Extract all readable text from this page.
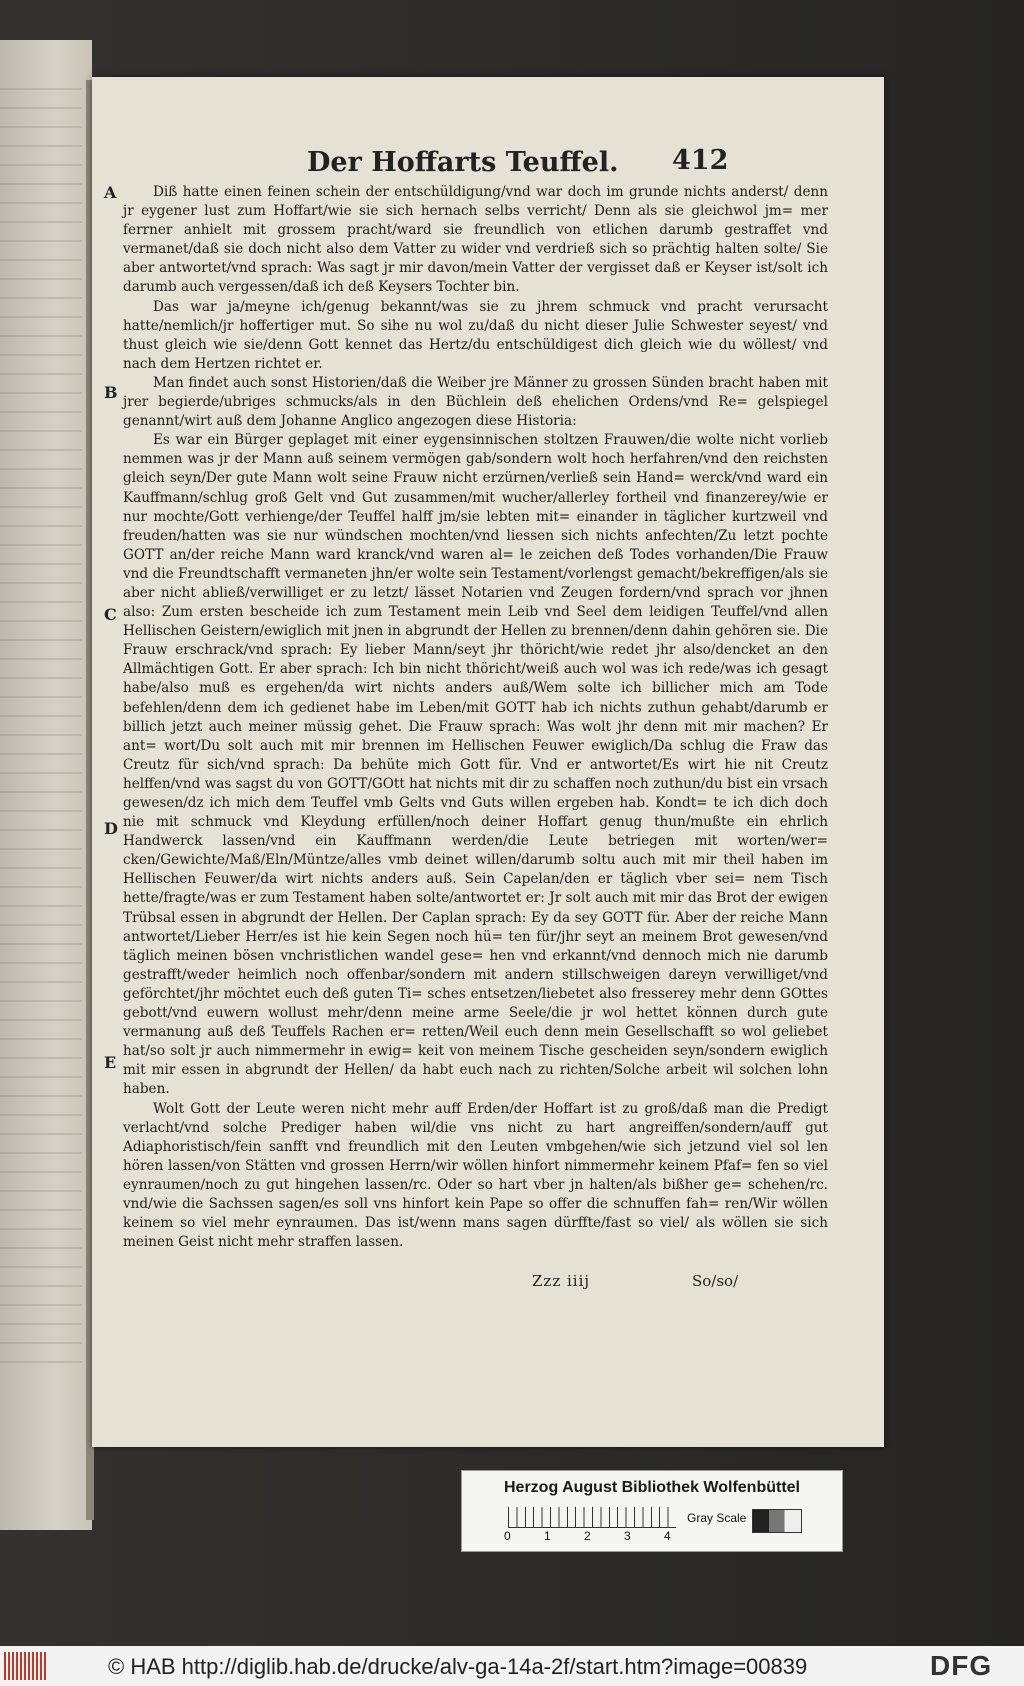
Der Hoffarts Teuffel. 412
A
B
C
D
E

Diß hatte einen feinen schein der entschüldigung/vnd war doch im grunde nichts anderst/ denn jr eygener lust zum Hoffart/wie sie sich hernach selbs verricht/ Denn als sie gleichwol jm= mer ferrner anhielt mit grossem pracht/ward sie freundlich von etlichen darumb gestraffet vnd vermanet/daß sie doch nicht also dem Vatter zu wider vnd verdrieß sich so prächtig halten solte/ Sie aber antwortet/vnd sprach: Was sagt jr mir davon/mein Vatter der vergisset daß er Keyser ist/solt ich darumb auch vergessen/daß ich deß Keysers Tochter bin.

Das war ja/meyne ich/genug bekannt/was sie zu jhrem schmuck vnd pracht verursacht hatte/nemlich/jr hoffertiger mut. So sihe nu wol zu/daß du nicht dieser Julie Schwester seyest/ vnd thust gleich wie sie/denn Gott kennet das Hertz/du entschüldigest dich gleich wie du wöllest/ vnd nach dem Hertzen richtet er.

Man findet auch sonst Historien/daß die Weiber jre Männer zu grossen Sünden bracht haben mit jrer begierde/ubriges schmucks/als in den Büchlein deß ehelichen Ordens/vnd Re= gelspiegel genannt/wirt auß dem Johanne Anglico angezogen diese Historia:

Es war ein Bürger geplaget mit einer eygensinnischen stoltzen Frauwen/die wolte nicht vorlieb nemmen was jr der Mann auß seinem vermögen gab/sondern wolt hoch herfahren/vnd den reichsten gleich seyn/Der gute Mann wolt seine Frauw nicht erzürnen/verließ sein Hand= werck/vnd ward ein Kauffmann/schlug groß Gelt vnd Gut zusammen/mit wucher/allerley fortheil vnd finanzerey/wie er nur mochte/Gott verhienge/der Teuffel halff jm/sie lebten mit= einander in täglicher kurtzweil vnd freuden/hatten was sie nur wündschen mochten/vnd liessen sich nichts anfechten/Zu letzt pochte GOTT an/der reiche Mann ward kranck/vnd waren al= le zeichen deß Todes vorhanden/Die Frauw vnd die Freundtschafft vermaneten jhn/er wolte sein Testament/vorlengst gemacht/bekreffigen/als sie aber nicht abließ/verwilliget er zu letzt/ lässet Notarien vnd Zeugen fordern/vnd sprach vor jhnen also: Zum ersten bescheide ich zum Testament mein Leib vnd Seel dem leidigen Teuffel/vnd allen Hellischen Geistern/ewiglich mit jnen in abgrundt der Hellen zu brennen/denn dahin gehören sie. Die Frauw erschrack/vnd sprach: Ey lieber Mann/seyt jhr thöricht/wie redet jhr also/dencket an den Allmächtigen Gott. Er aber sprach: Ich bin nicht thöricht/weiß auch wol was ich rede/was ich gesagt habe/also muß es ergehen/da wirt nichts anders auß/Wem solte ich billicher mich am Tode befehlen/denn dem ich gedienet habe im Leben/mit GOTT hab ich nichts zuthun gehabt/darumb er billich jetzt auch meiner müssig gehet. Die Frauw sprach: Was wolt jhr denn mit mir machen? Er ant= wort/Du solt auch mit mir brennen im Hellischen Feuwer ewiglich/Da schlug die Fraw das Creutz für sich/vnd sprach: Da behüte mich Gott für. Vnd er antwortet/Es wirt hie nit Creutz helffen/vnd was sagst du von GOTT/GOtt hat nichts mit dir zu schaffen noch zuthun/du bist ein vrsach gewesen/dz ich mich dem Teuffel vmb Gelts vnd Guts willen ergeben hab. Kondt= te ich dich doch nie mit schmuck vnd Kleydung erfüllen/noch deiner Hoffart genug thun/mußte ein ehrlich Handwerck lassen/vnd ein Kauffmann werden/die Leute betriegen mit worten/wer= cken/Gewichte/Maß/Eln/Müntze/alles vmb deinet willen/darumb soltu auch mit mir theil haben im Hellischen Feuwer/da wirt nichts anders auß. Sein Capelan/den er täglich vber sei= nem Tisch hette/fragte/was er zum Testament haben solte/antwortet er: Jr solt auch mit mir das Brot der ewigen Trübsal essen in abgrundt der Hellen. Der Caplan sprach: Ey da sey GOTT für. Aber der reiche Mann antwortet/Lieber Herr/es ist hie kein Segen noch hü= ten für/jhr seyt an meinem Brot gewesen/vnd täglich meinen bösen vnchristlichen wandel gese= hen vnd erkannt/vnd dennoch mich nie darumb gestrafft/weder heimlich noch offenbar/sondern mit andern stillschweigen dareyn verwilliget/vnd geförchtet/jhr möchtet euch deß guten Ti= sches entsetzen/liebetet also fresserey mehr denn GOttes gebott/vnd euwern wollust mehr/denn meine arme Seele/die jr wol hettet können durch gute vermanung auß deß Teuffels Rachen er= retten/Weil euch denn mein Gesellschafft so wol geliebet hat/so solt jr auch nimmermehr in ewig= keit von meinem Tische gescheiden seyn/sondern ewiglich mit mir essen in abgrundt der Hellen/ da habt euch nach zu richten/Solche arbeit wil solchen lohn haben.

Wolt Gott der Leute weren nicht mehr auff Erden/der Hoffart ist zu groß/daß man die Predigt verlacht/vnd solche Prediger haben wil/die vns nicht zu hart angreiffen/sondern/auff gut Adiaphoristisch/fein sanfft vnd freundlich mit den Leuten vmbgehen/wie sich jetzund viel sol len hören lassen/von Stätten vnd grossen Herrn/wir wöllen hinfort nimmermehr keinem Pfaf= fen so viel eynraumen/noch zu gut hingehen lassen/rc. Oder so hart vber jn halten/als bißher ge= schehen/rc. vnd/wie die Sachssen sagen/es soll vns hinfort kein Pape so offer die schnuffen fah= ren/Wir wöllen keinem so viel mehr eynraumen. Das ist/wenn mans sagen dürffte/fast so viel/ als wöllen sie sich meinen Geist nicht mehr straffen lassen.

Zzz iiij	So/so/
Herzog August Bibliothek Wolfenbüttel
0	1	2	3	4
Gray Scale
© HAB http://diglib.hab.de/drucke/alv-ga-14a-2f/start.htm?image=00839	DFG
